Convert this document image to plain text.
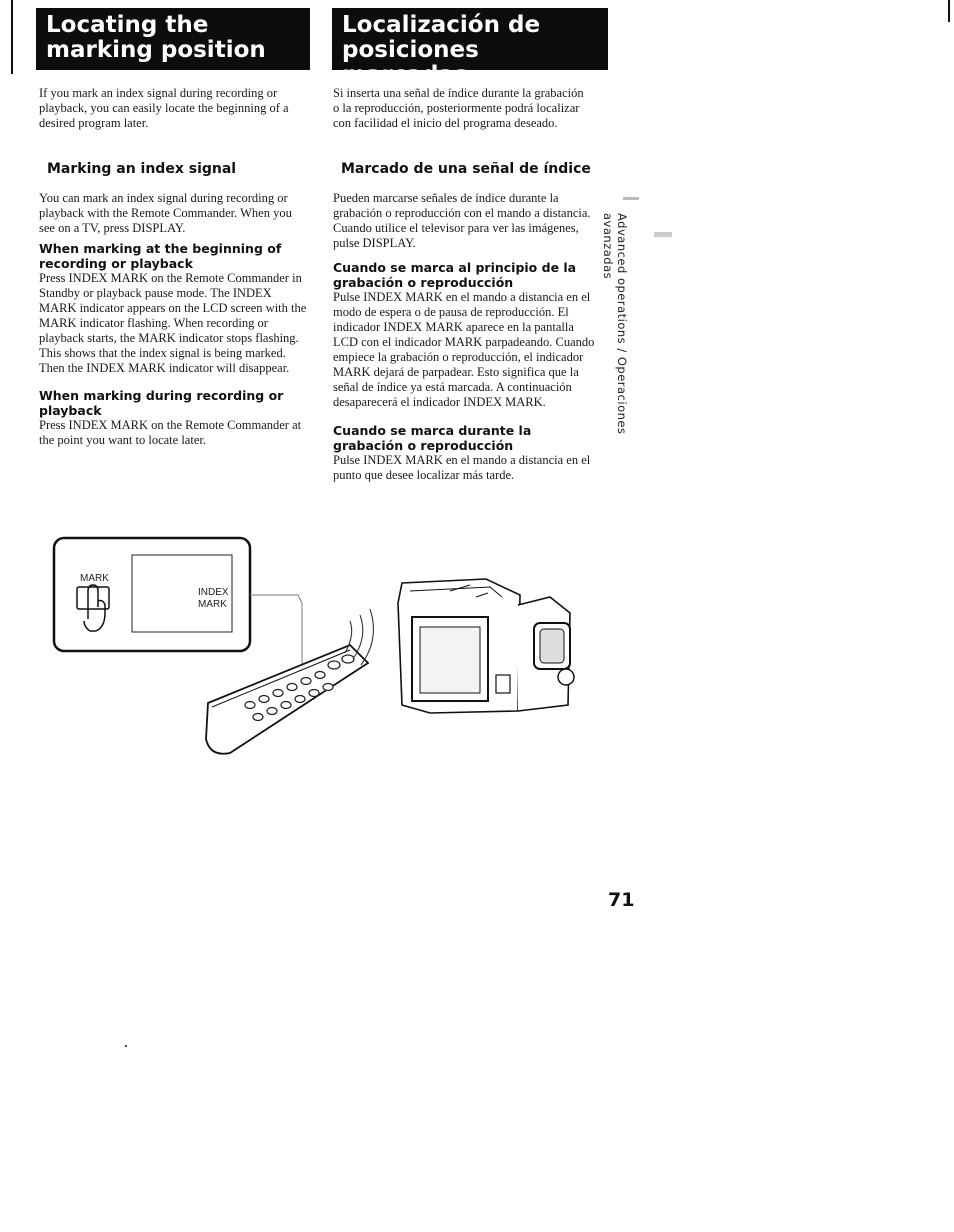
Locating the marking position
Localización de posiciones marcadas
If you mark an index signal during recording or playback, you can easily locate the beginning of a desired program later.
Si inserta una señal de índice durante la grabación o la reproducción, posteriormente podrá localizar con facilidad el inicio del programa deseado.
Marking an index signal
You can mark an index signal during recording or playback with the Remote Commander. When you see on a TV, press DISPLAY.
When marking at the beginning of recording or playback
Press INDEX MARK on the Remote Commander in Standby or playback pause mode. The INDEX MARK indicator appears on the LCD screen with the MARK indicator flashing. When recording or playback starts, the MARK indicator stops flashing. This shows that the index signal is being marked. Then the INDEX MARK indicator will disappear.
When marking during recording or playback
Press INDEX MARK on the Remote Commander at the point you want to locate later.
Marcado de una señal de índice
Pueden marcarse señales de índice durante la grabación o reproducción con el mando a distancia. Cuando utilice el televisor para ver las imágenes, pulse DISPLAY.
Cuando se marca al principio de la grabación o reproducción
Pulse INDEX MARK en el mando a distancia en el modo de espera o de pausa de reproducción. El indicador INDEX MARK aparece en la pantalla LCD con el indicador MARK parpadeando. Cuando empiece la grabación o reproducción, el indicador MARK dejará de parpadear. Esto significa que la señal de índice ya está marcada. A continuación desaparecerá el indicador INDEX MARK.
Cuando se marca durante la grabación o reproducción
Pulse INDEX MARK en el mando a distancia en el punto que desee localizar más tarde.
Advanced operations / Operaciones avanzadas
MARK
INDEX
MARK
71
